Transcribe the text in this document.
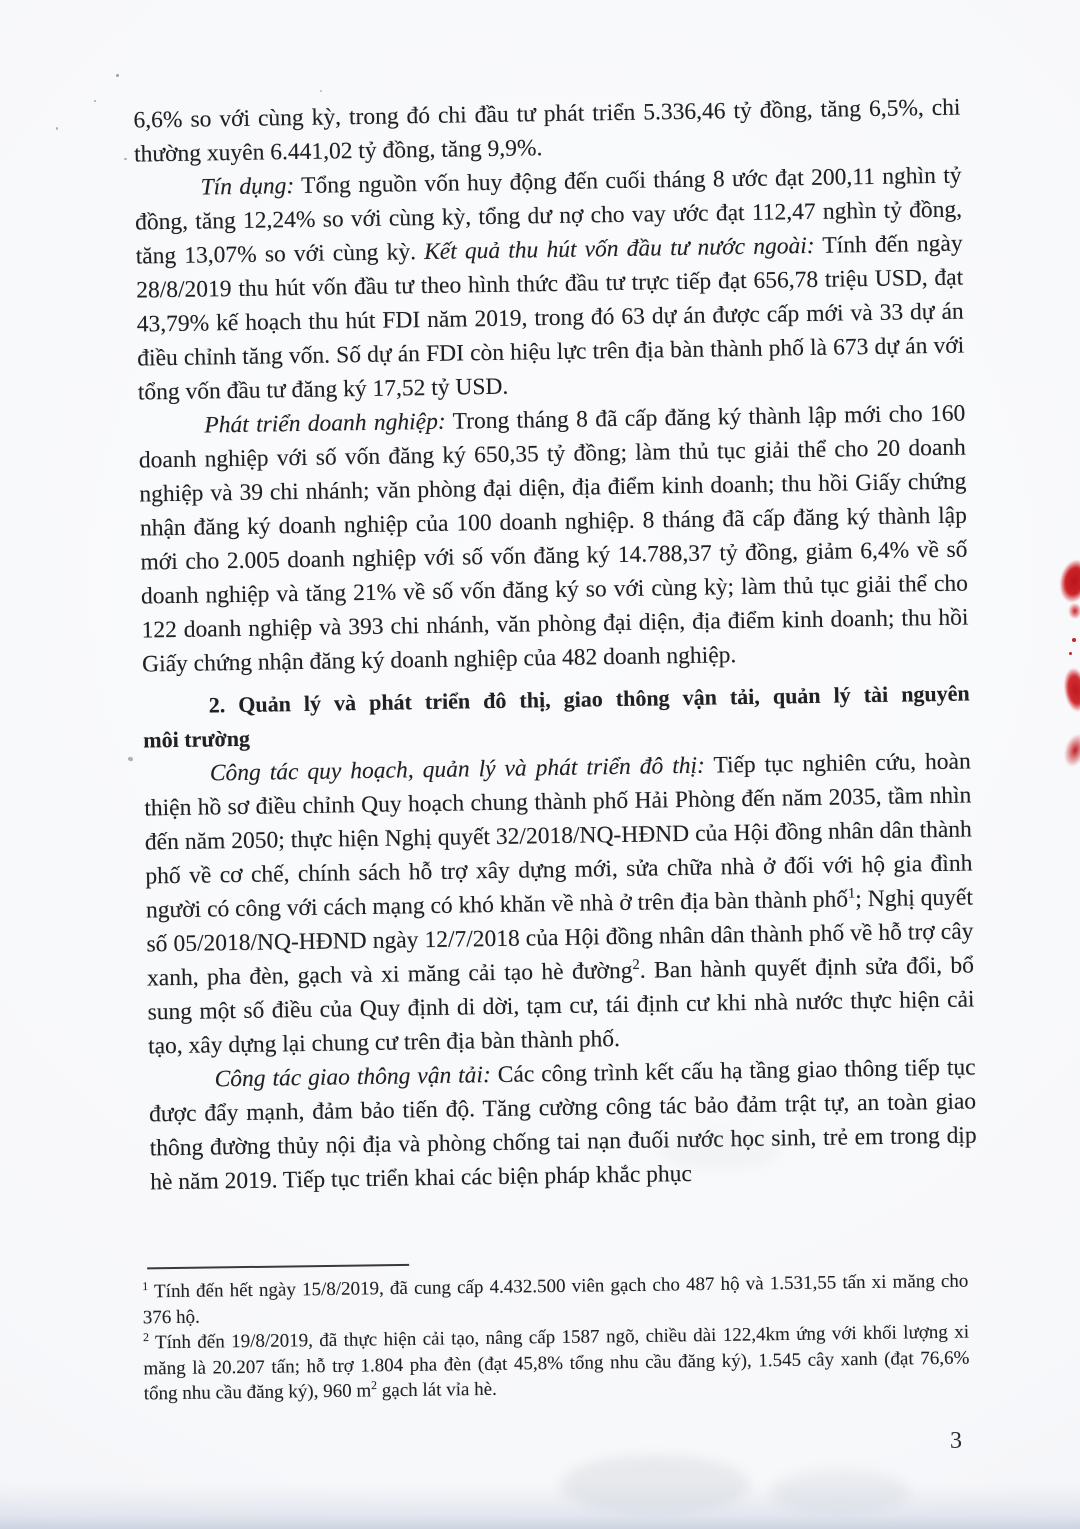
6,6% so với cùng kỳ, trong đó chi đầu tư phát triển 5.336,46 tỷ đồng, tăng 6,5%, chi thường xuyên 6.441,02 tỷ đồng, tăng 9,9%.

Tín dụng: Tổng nguồn vốn huy động đến cuối tháng 8 ước đạt 200,11 nghìn tỷ đồng, tăng 12,24% so với cùng kỳ, tổng dư nợ cho vay ước đạt 112,47 nghìn tỷ đồng, tăng 13,07% so với cùng kỳ. Kết quả thu hút vốn đầu tư nước ngoài: Tính đến ngày 28/8/2019 thu hút vốn đầu tư theo hình thức đầu tư trực tiếp đạt 656,78 triệu USD, đạt 43,79% kế hoạch thu hút FDI năm 2019, trong đó 63 dự án được cấp mới và 33 dự án điều chỉnh tăng vốn. Số dự án FDI còn hiệu lực trên địa bàn thành phố là 673 dự án với tổng vốn đầu tư đăng ký 17,52 tỷ USD.

Phát triển doanh nghiệp: Trong tháng 8 đã cấp đăng ký thành lập mới cho 160 doanh nghiệp với số vốn đăng ký 650,35 tỷ đồng; làm thủ tục giải thể cho 20 doanh nghiệp và 39 chi nhánh; văn phòng đại diện, địa điểm kinh doanh; thu hồi Giấy chứng nhận đăng ký doanh nghiệp của 100 doanh nghiệp. 8 tháng đã cấp đăng ký thành lập mới cho 2.005 doanh nghiệp với số vốn đăng ký 14.788,37 tỷ đồng, giảm 6,4% về số doanh nghiệp và tăng 21% về số vốn đăng ký so với cùng kỳ; làm thủ tục giải thể cho 122 doanh nghiệp và 393 chi nhánh, văn phòng đại diện, địa điểm kinh doanh; thu hồi Giấy chứng nhận đăng ký doanh nghiệp của 482 doanh nghiệp.

2. Quản lý và phát triển đô thị, giao thông vận tải, quản lý tài nguyên

môi trường

Công tác quy hoạch, quản lý và phát triển đô thị: Tiếp tục nghiên cứu, hoàn thiện hồ sơ điều chỉnh Quy hoạch chung thành phố Hải Phòng đến năm 2035, tầm nhìn đến năm 2050; thực hiện Nghị quyết 32/2018/NQ-HĐND của Hội đồng nhân dân thành phố về cơ chế, chính sách hỗ trợ xây dựng mới, sửa chữa nhà ở đối với hộ gia đình người có công với cách mạng có khó khăn về nhà ở trên địa bàn thành phố$^1$; Nghị quyết số 05/2018/NQ-HĐND ngày 12/7/2018 của Hội đồng nhân dân thành phố về hỗ trợ cây xanh, pha đèn, gạch và xi măng cải tạo hè đường$^2$. Ban hành quyết định sửa đổi, bổ sung một số điều của Quy định di dời, tạm cư, tái định cư khi nhà nước thực hiện cải tạo, xây dựng lại chung cư trên địa bàn thành phố.

Công tác giao thông vận tải: Các công trình kết cấu hạ tầng giao thông tiếp tục được đẩy mạnh, đảm bảo tiến độ. Tăng cường công tác bảo đảm trật tự, an toàn giao thông đường thủy nội địa và phòng chống tai nạn đuối nước học sinh, trẻ em trong dịp hè năm 2019. Tiếp tục triển khai các biện pháp khắc phục

$^1$ Tính đến hết ngày 15/8/2019, đã cung cấp 4.432.500 viên gạch cho 487 hộ và 1.531,55 tấn xi măng cho 376 hộ.

$^2$ Tính đến 19/8/2019, đã thực hiện cải tạo, nâng cấp 1587 ngõ, chiều dài 122,4km ứng với khối lượng xi măng là 20.207 tấn; hỗ trợ 1.804 pha đèn (đạt 45,8% tổng nhu cầu đăng ký), 1.545 cây xanh (đạt 76,6% tổng nhu cầu đăng ký), 960 $m^2$ gạch lát vỉa hè.

3
